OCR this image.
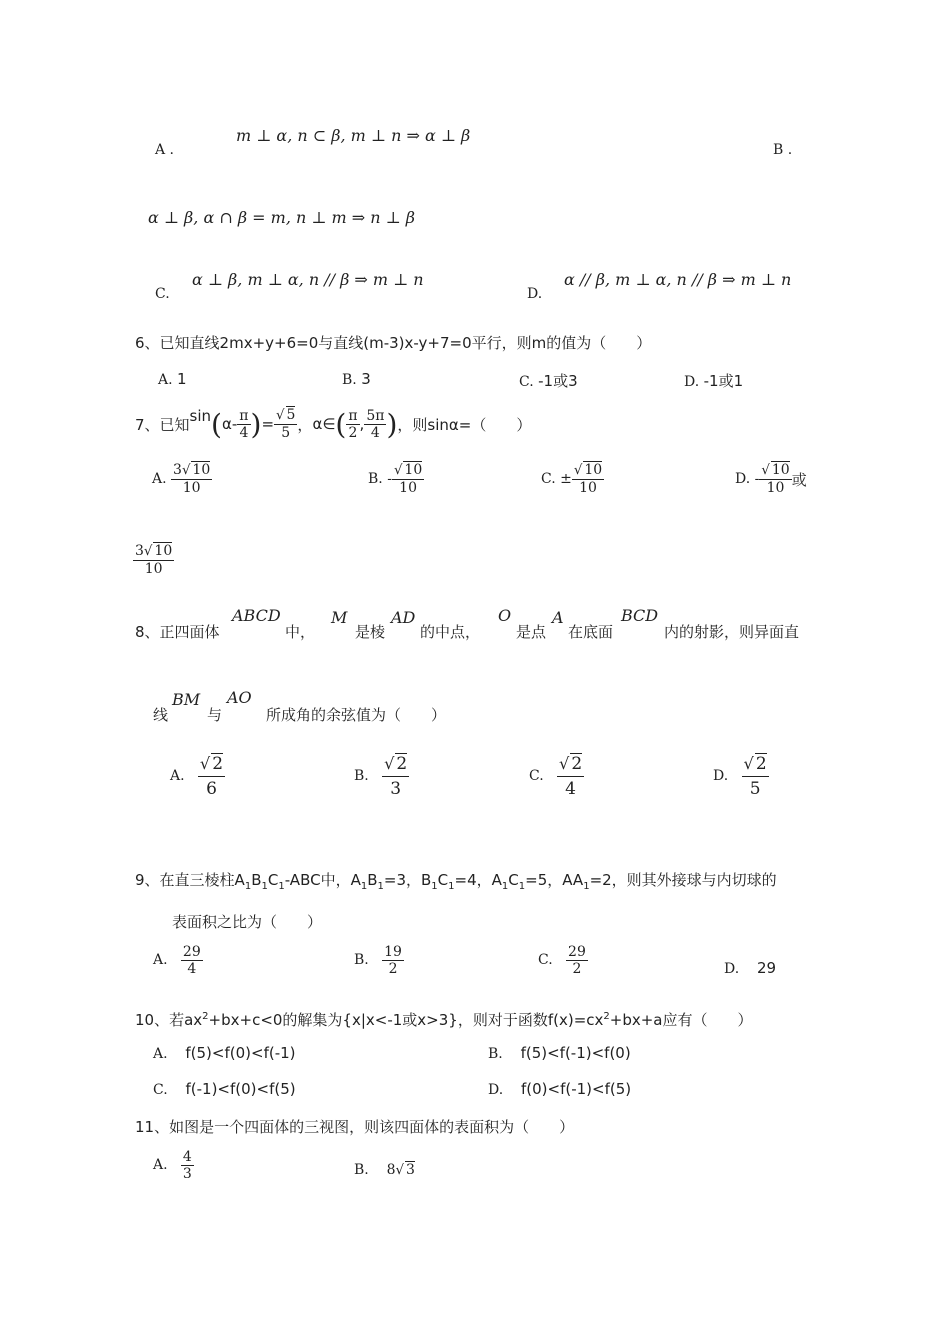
A .
m ⊥ α, n ⊂ β, m ⊥ n ⇒ α ⊥ β
B .
α ⊥ β, α ∩ β = m, n ⊥ m ⇒ n ⊥ β
C.
α ⊥ β, m ⊥ α, n // β ⇒ m ⊥ n
D.
α // β, m ⊥ α, n // β ⇒ m ⊥ n
6、已知直线2mx+y+6=0与直线(m-3)x-y+7=0平行，则m的值为（　　）
A. 1	B. 3	C. -1或3	D. -1或1
7、已知 sin ( $\alpha- \frac{\pi}{4}$ ) = $\frac{√ 5}{5}$ ， α∈ ( $\frac{\pi}{2}$ , $\frac{5\pi}{4}$ ) ，则sinα=（　　）
A.
$\frac{3√ 10}{10}$	B.
- $\frac{√ 10}{10}$	C.
± $\frac{√ 10}{10}$	D.
- $\frac{√ 10}{10}$ 或
$\frac{3√ 10}{10}$
8、正四面体
ABCD
中，
M
是棱
AD
的中点，
O
是点
A
在底面
BCD
内的射影，则异面直
线
BM
与
AO
所成角的余弦值为（　　）
A.
$\frac{√ 2}{6}$	B.
$\frac{√ 2}{3}$	C.
$\frac{√ 2}{4}$	D.
$\frac{√ 2}{5}$
9、在直三棱柱$A_1B_1C_1$-ABC中，$A_1B_1=3$，$B_1C_1=4$，$A_1C_1=5$，$AA_1=2$，则其外接球与内切球的
表面积之比为（　　）
A.
$\frac{29}{4}$	B.
$\frac{19}{2}$	C.
$\frac{29}{2}$	D. 29
10、若$ax^2+bx+c<0$的解集为{x|x<-1或x>3}，则对于函数$f(x)=cx^2+bx+a$应有（　　）
A. f(5)<f(0)<f(-1)	B. f(5)<f(-1)<f(0)
C. f(-1)<f(0)<f(5)	D. f(0)<f(-1)<f(5)
11、如图是一个四面体的三视图，则该四面体的表面积为（　　）
A.
$\frac{4}{3}$	B. 8√ 3
